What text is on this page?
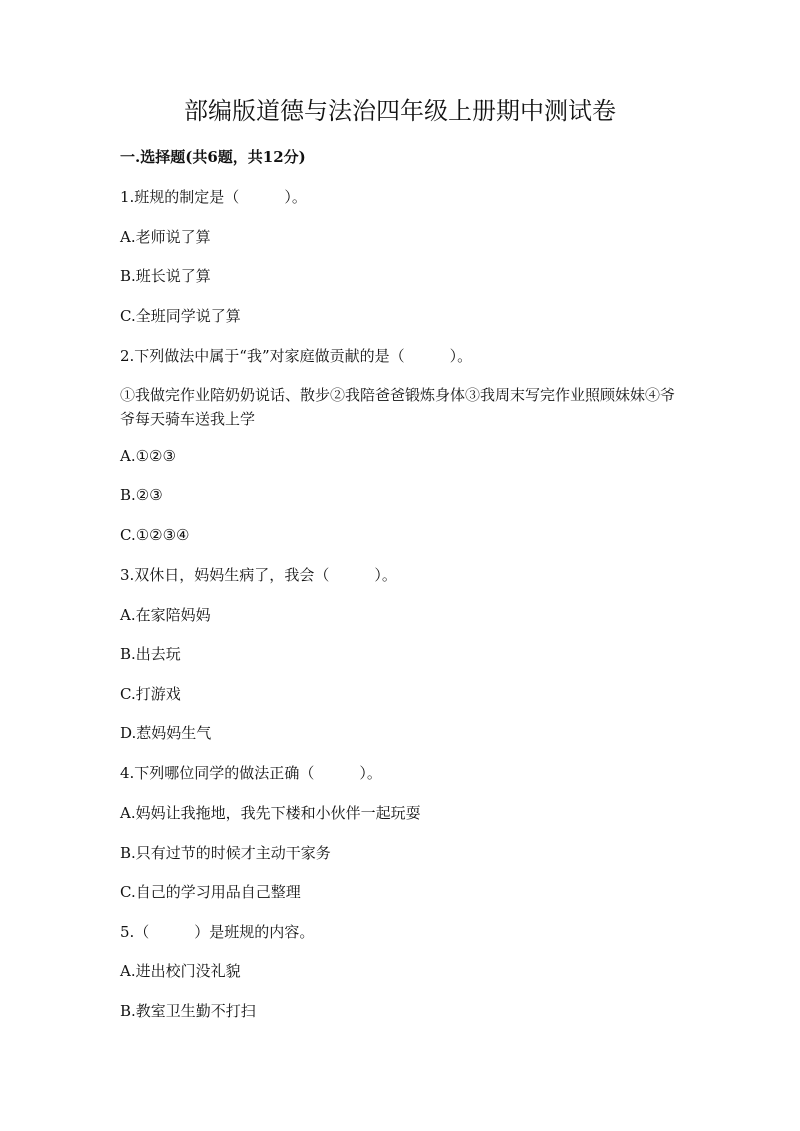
部编版道德与法治四年级上册期中测试卷

一.选择题(共6题，共12分)

1.班规的制定是（　　　）。

A.老师说了算

B.班长说了算

C.全班同学说了算

2.下列做法中属于“我”对家庭做贡献的是（　　　）。

①我做完作业陪奶奶说话、散步②我陪爸爸锻炼身体③我周末写完作业照顾妹妹④爷爷每天骑车送我上学

A.①②③

B.②③

C.①②③④

3.双休日，妈妈生病了，我会（　　　）。

A.在家陪妈妈

B.出去玩

C.打游戏

D.惹妈妈生气

4.下列哪位同学的做法正确（　　　）。

A.妈妈让我拖地，我先下楼和小伙伴一起玩耍

B.只有过节的时候才主动干家务

C.自己的学习用品自己整理

5.（　　　）是班规的内容。

A.进出校门没礼貌

B.教室卫生勤不打扫
